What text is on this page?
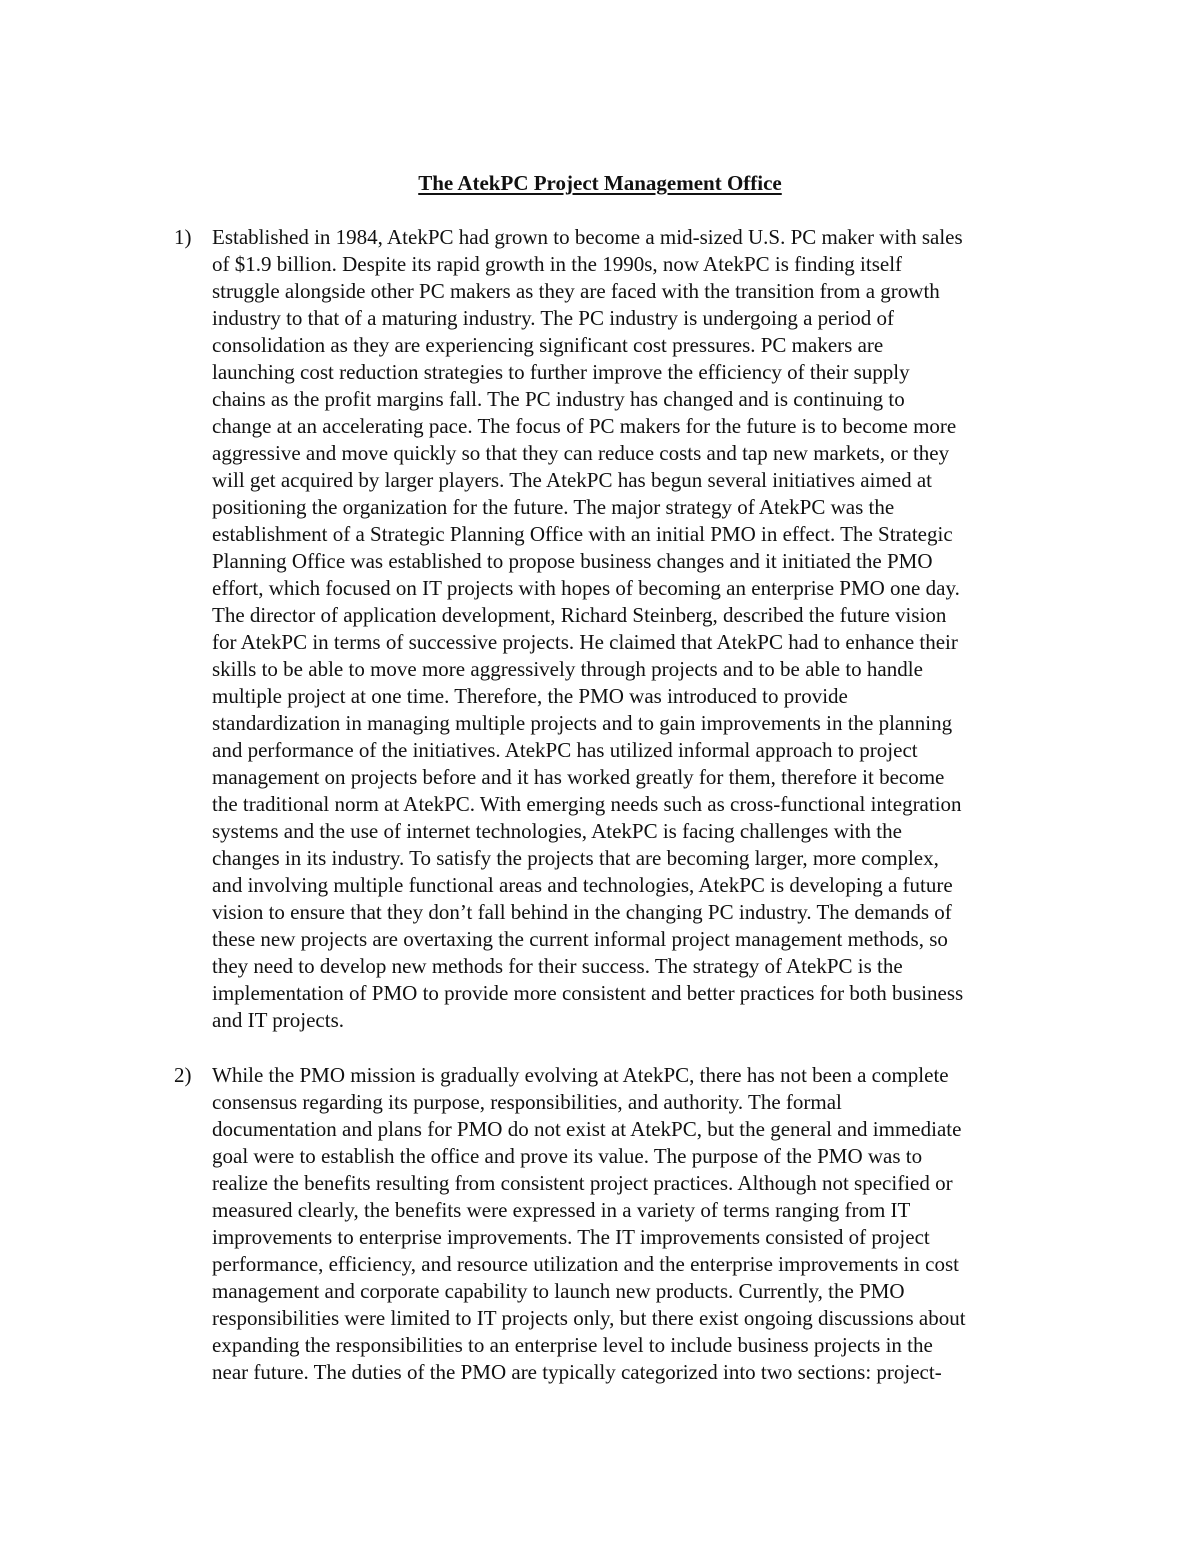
The AtekPC Project Management Office
1) Established in 1984, AtekPC had grown to become a mid-sized U.S. PC maker with sales
of $1.9 billion. Despite its rapid growth in the 1990s, now AtekPC is finding itself
struggle alongside other PC makers as they are faced with the transition from a growth
industry to that of a maturing industry. The PC industry is undergoing a period of
consolidation as they are experiencing significant cost pressures. PC makers are
launching cost reduction strategies to further improve the efficiency of their supply
chains as the profit margins fall. The PC industry has changed and is continuing to
change at an accelerating pace. The focus of PC makers for the future is to become more
aggressive and move quickly so that they can reduce costs and tap new markets, or they
will get acquired by larger players. The AtekPC has begun several initiatives aimed at
positioning the organization for the future. The major strategy of AtekPC was the
establishment of a Strategic Planning Office with an initial PMO in effect. The Strategic
Planning Office was established to propose business changes and it initiated the PMO
effort, which focused on IT projects with hopes of becoming an enterprise PMO one day.
The director of application development, Richard Steinberg, described the future vision
for AtekPC in terms of successive projects. He claimed that AtekPC had to enhance their
skills to be able to move more aggressively through projects and to be able to handle
multiple project at one time. Therefore, the PMO was introduced to provide
standardization in managing multiple projects and to gain improvements in the planning
and performance of the initiatives. AtekPC has utilized informal approach to project
management on projects before and it has worked greatly for them, therefore it become
the traditional norm at AtekPC. With emerging needs such as cross-functional integration
systems and the use of internet technologies, AtekPC is facing challenges with the
changes in its industry. To satisfy the projects that are becoming larger, more complex,
and involving multiple functional areas and technologies, AtekPC is developing a future
vision to ensure that they don’t fall behind in the changing PC industry. The demands of
these new projects are overtaxing the current informal project management methods, so
they need to develop new methods for their success. The strategy of AtekPC is the
implementation of PMO to provide more consistent and better practices for both business
and IT projects.
2) While the PMO mission is gradually evolving at AtekPC, there has not been a complete
consensus regarding its purpose, responsibilities, and authority. The formal
documentation and plans for PMO do not exist at AtekPC, but the general and immediate
goal were to establish the office and prove its value. The purpose of the PMO was to
realize the benefits resulting from consistent project practices. Although not specified or
measured clearly, the benefits were expressed in a variety of terms ranging from IT
improvements to enterprise improvements. The IT improvements consisted of project
performance, efficiency, and resource utilization and the enterprise improvements in cost
management and corporate capability to launch new products. Currently, the PMO
responsibilities were limited to IT projects only, but there exist ongoing discussions about
expanding the responsibilities to an enterprise level to include business projects in the
near future. The duties of the PMO are typically categorized into two sections: project-
